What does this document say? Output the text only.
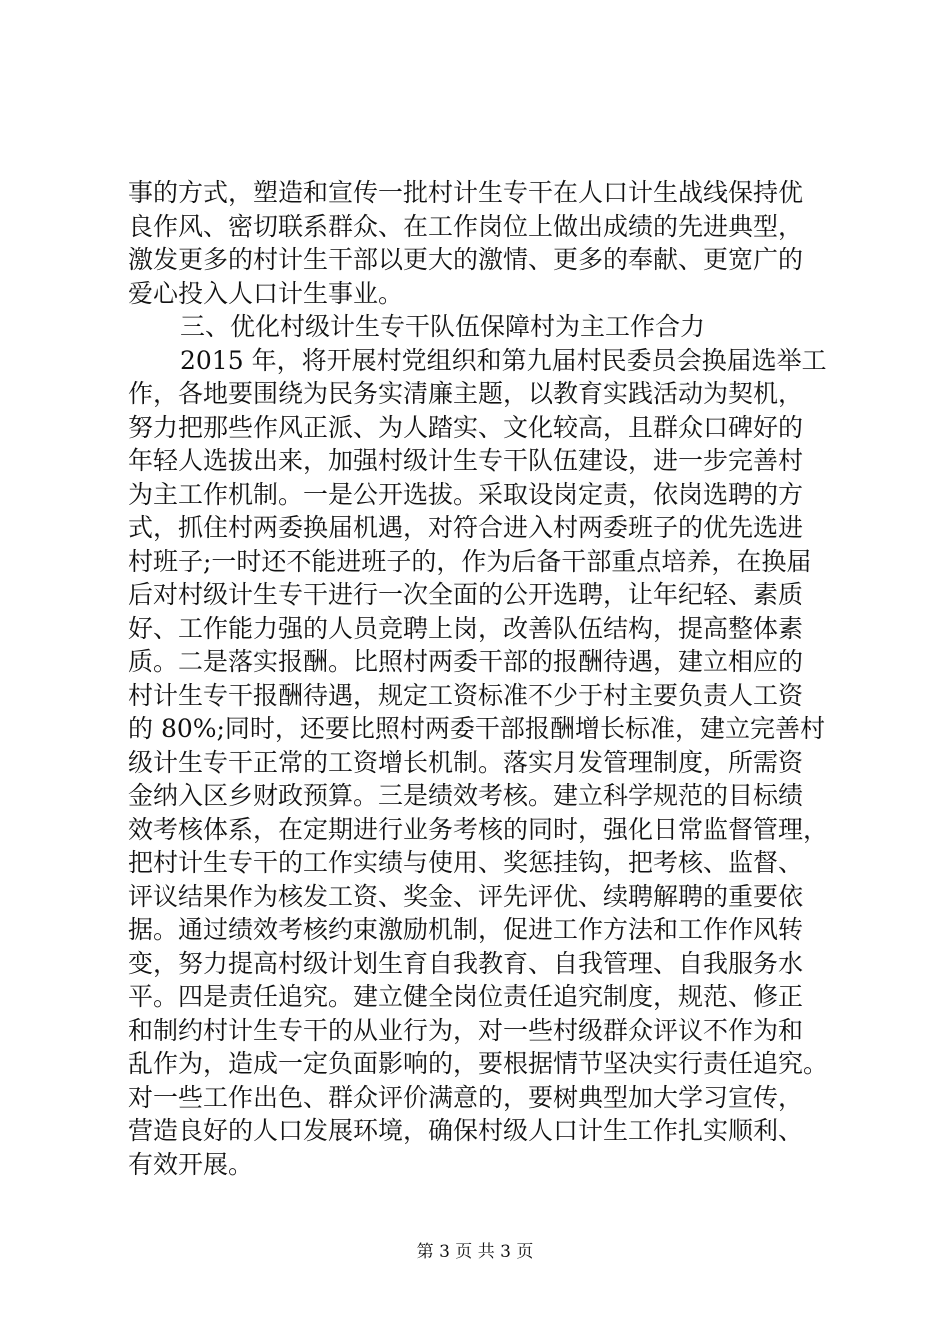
事的方式，塑造和宣传一批村计生专干在人口计生战线保持优
良作风、密切联系群众、在工作岗位上做出成绩的先进典型，
激发更多的村计生干部以更大的激情、更多的奉献、更宽广的
爱心投入人口计生事业。
三、优化村级计生专干队伍保障村为主工作合力
2015 年，将开展村党组织和第九届村民委员会换届选举工
作，各地要围绕为民务实清廉主题，以教育实践活动为契机，
努力把那些作风正派、为人踏实、文化较高，且群众口碑好的
年轻人选拔出来，加强村级计生专干队伍建设，进一步完善村
为主工作机制。一是公开选拔。采取设岗定责，依岗选聘的方
式，抓住村两委换届机遇，对符合进入村两委班子的优先选进
村班子;一时还不能进班子的，作为后备干部重点培养，在换届
后对村级计生专干进行一次全面的公开选聘，让年纪轻、素质
好、工作能力强的人员竞聘上岗，改善队伍结构，提高整体素
质。二是落实报酬。比照村两委干部的报酬待遇，建立相应的
村计生专干报酬待遇，规定工资标准不少于村主要负责人工资
的 80%;同时，还要比照村两委干部报酬增长标准，建立完善村
级计生专干正常的工资增长机制。落实月发管理制度，所需资
金纳入区乡财政预算。三是绩效考核。建立科学规范的目标绩
效考核体系，在定期进行业务考核的同时，强化日常监督管理，
把村计生专干的工作实绩与使用、奖惩挂钩，把考核、监督、
评议结果作为核发工资、奖金、评先评优、续聘解聘的重要依
据。通过绩效考核约束激励机制，促进工作方法和工作作风转
变，努力提高村级计划生育自我教育、自我管理、自我服务水
平。四是责任追究。建立健全岗位责任追究制度，规范、修正
和制约村计生专干的从业行为，对一些村级群众评议不作为和
乱作为，造成一定负面影响的，要根据情节坚决实行责任追究。
对一些工作出色、群众评价满意的，要树典型加大学习宣传，
营造良好的人口发展环境，确保村级人口计生工作扎实顺利、
有效开展。
第 3 页 共 3 页
